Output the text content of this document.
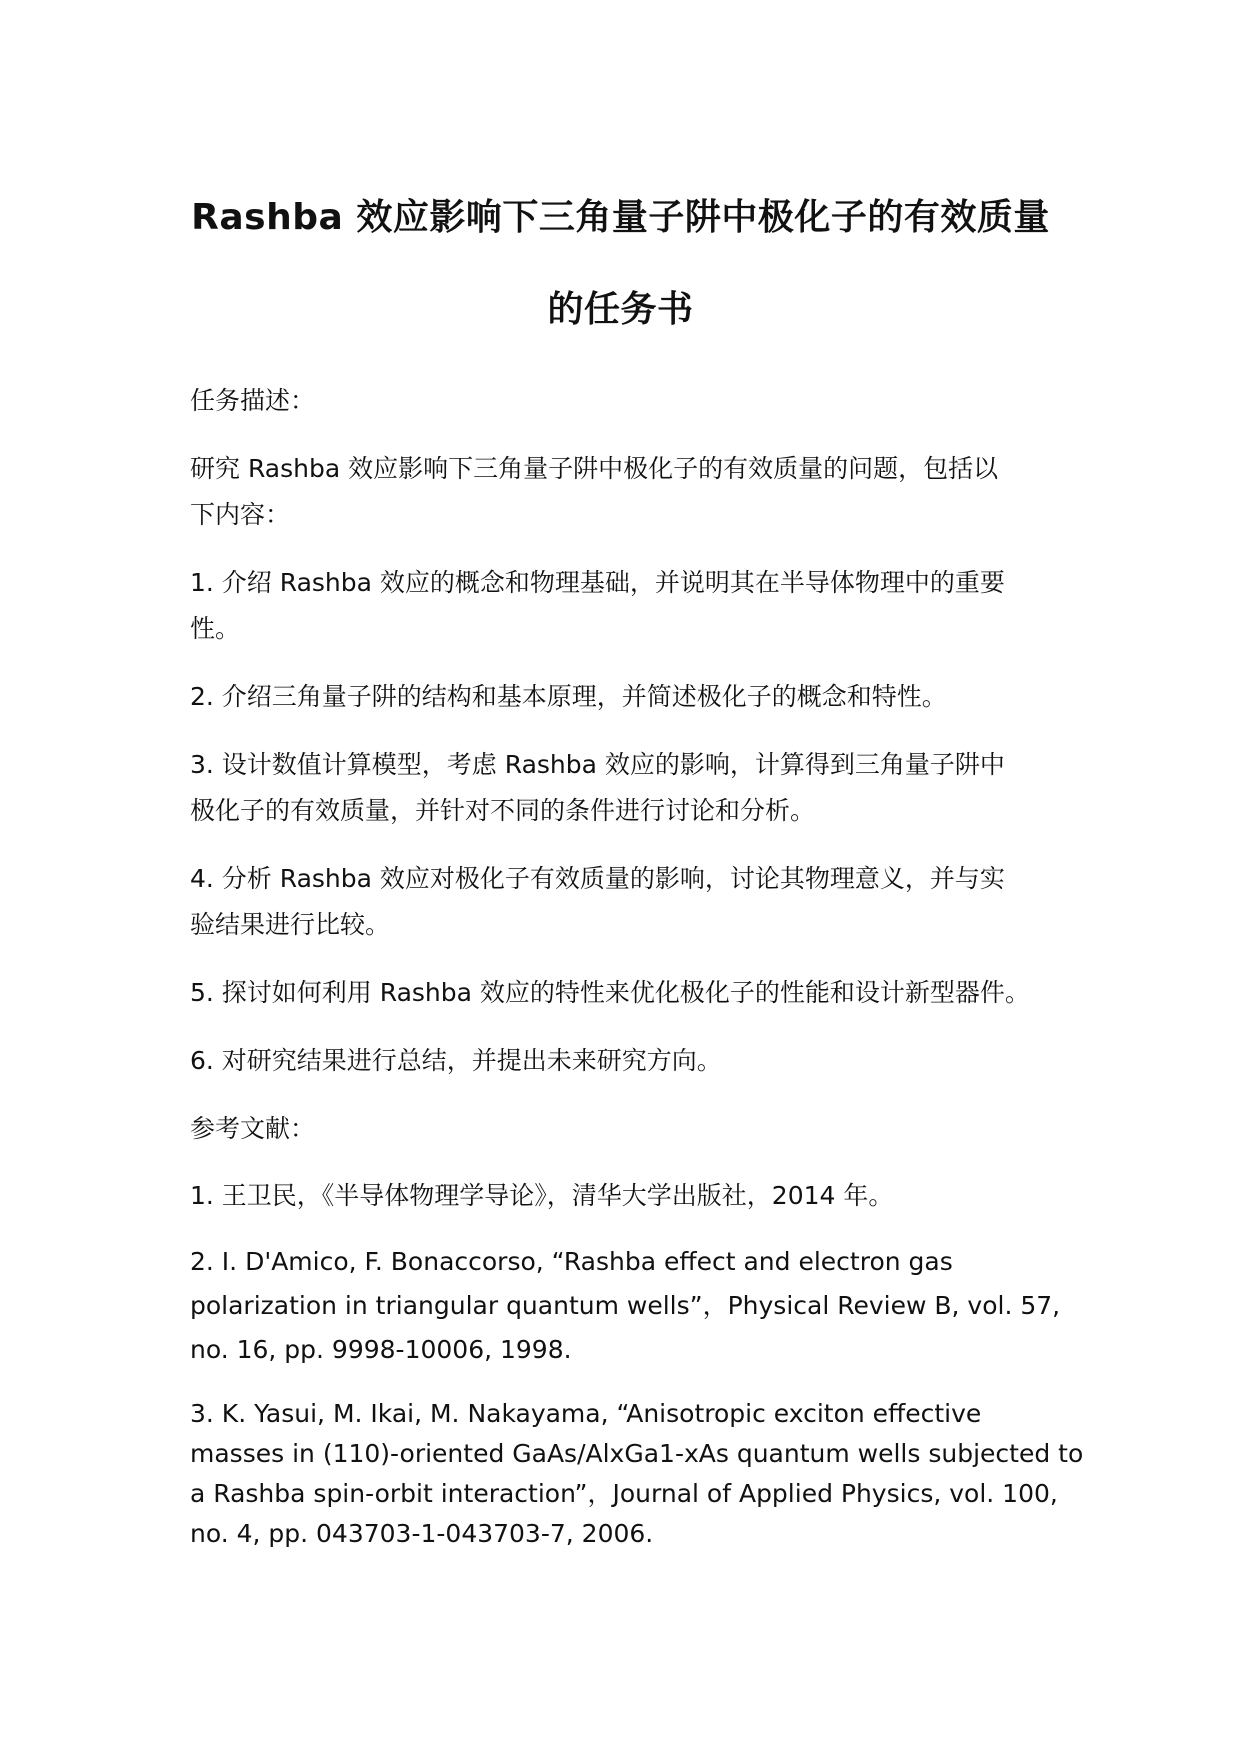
Rashba 效应影响下三角量子阱中极化子的有效质量
的任务书

任务描述：

研究 Rashba 效应影响下三角量子阱中极化子的有效质量的问题，包括以
下内容：

1. 介绍 Rashba 效应的概念和物理基础，并说明其在半导体物理中的重要
性。

2. 介绍三角量子阱的结构和基本原理，并简述极化子的概念和特性。

3. 设计数值计算模型，考虑 Rashba 效应的影响，计算得到三角量子阱中
极化子的有效质量，并针对不同的条件进行讨论和分析。

4. 分析 Rashba 效应对极化子有效质量的影响，讨论其物理意义，并与实
验结果进行比较。

5. 探讨如何利用 Rashba 效应的特性来优化极化子的性能和设计新型器件。

6. 对研究结果进行总结，并提出未来研究方向。

参考文献：

1. 王卫民，《半导体物理学导论》，清华大学出版社，2014 年。

2. I. D'Amico, F. Bonaccorso, “Rashba effect and electron gas
polarization in triangular quantum wells”，Physical Review B, vol. 57,
no. 16, pp. 9998-10006, 1998.

3. K. Yasui, M. Ikai, M. Nakayama, “Anisotropic exciton effective
masses in (110)-oriented GaAs/AlxGa1-xAs quantum wells subjected to
a Rashba spin-orbit interaction”，Journal of Applied Physics, vol. 100,
no. 4, pp. 043703-1-043703-7, 2006.
